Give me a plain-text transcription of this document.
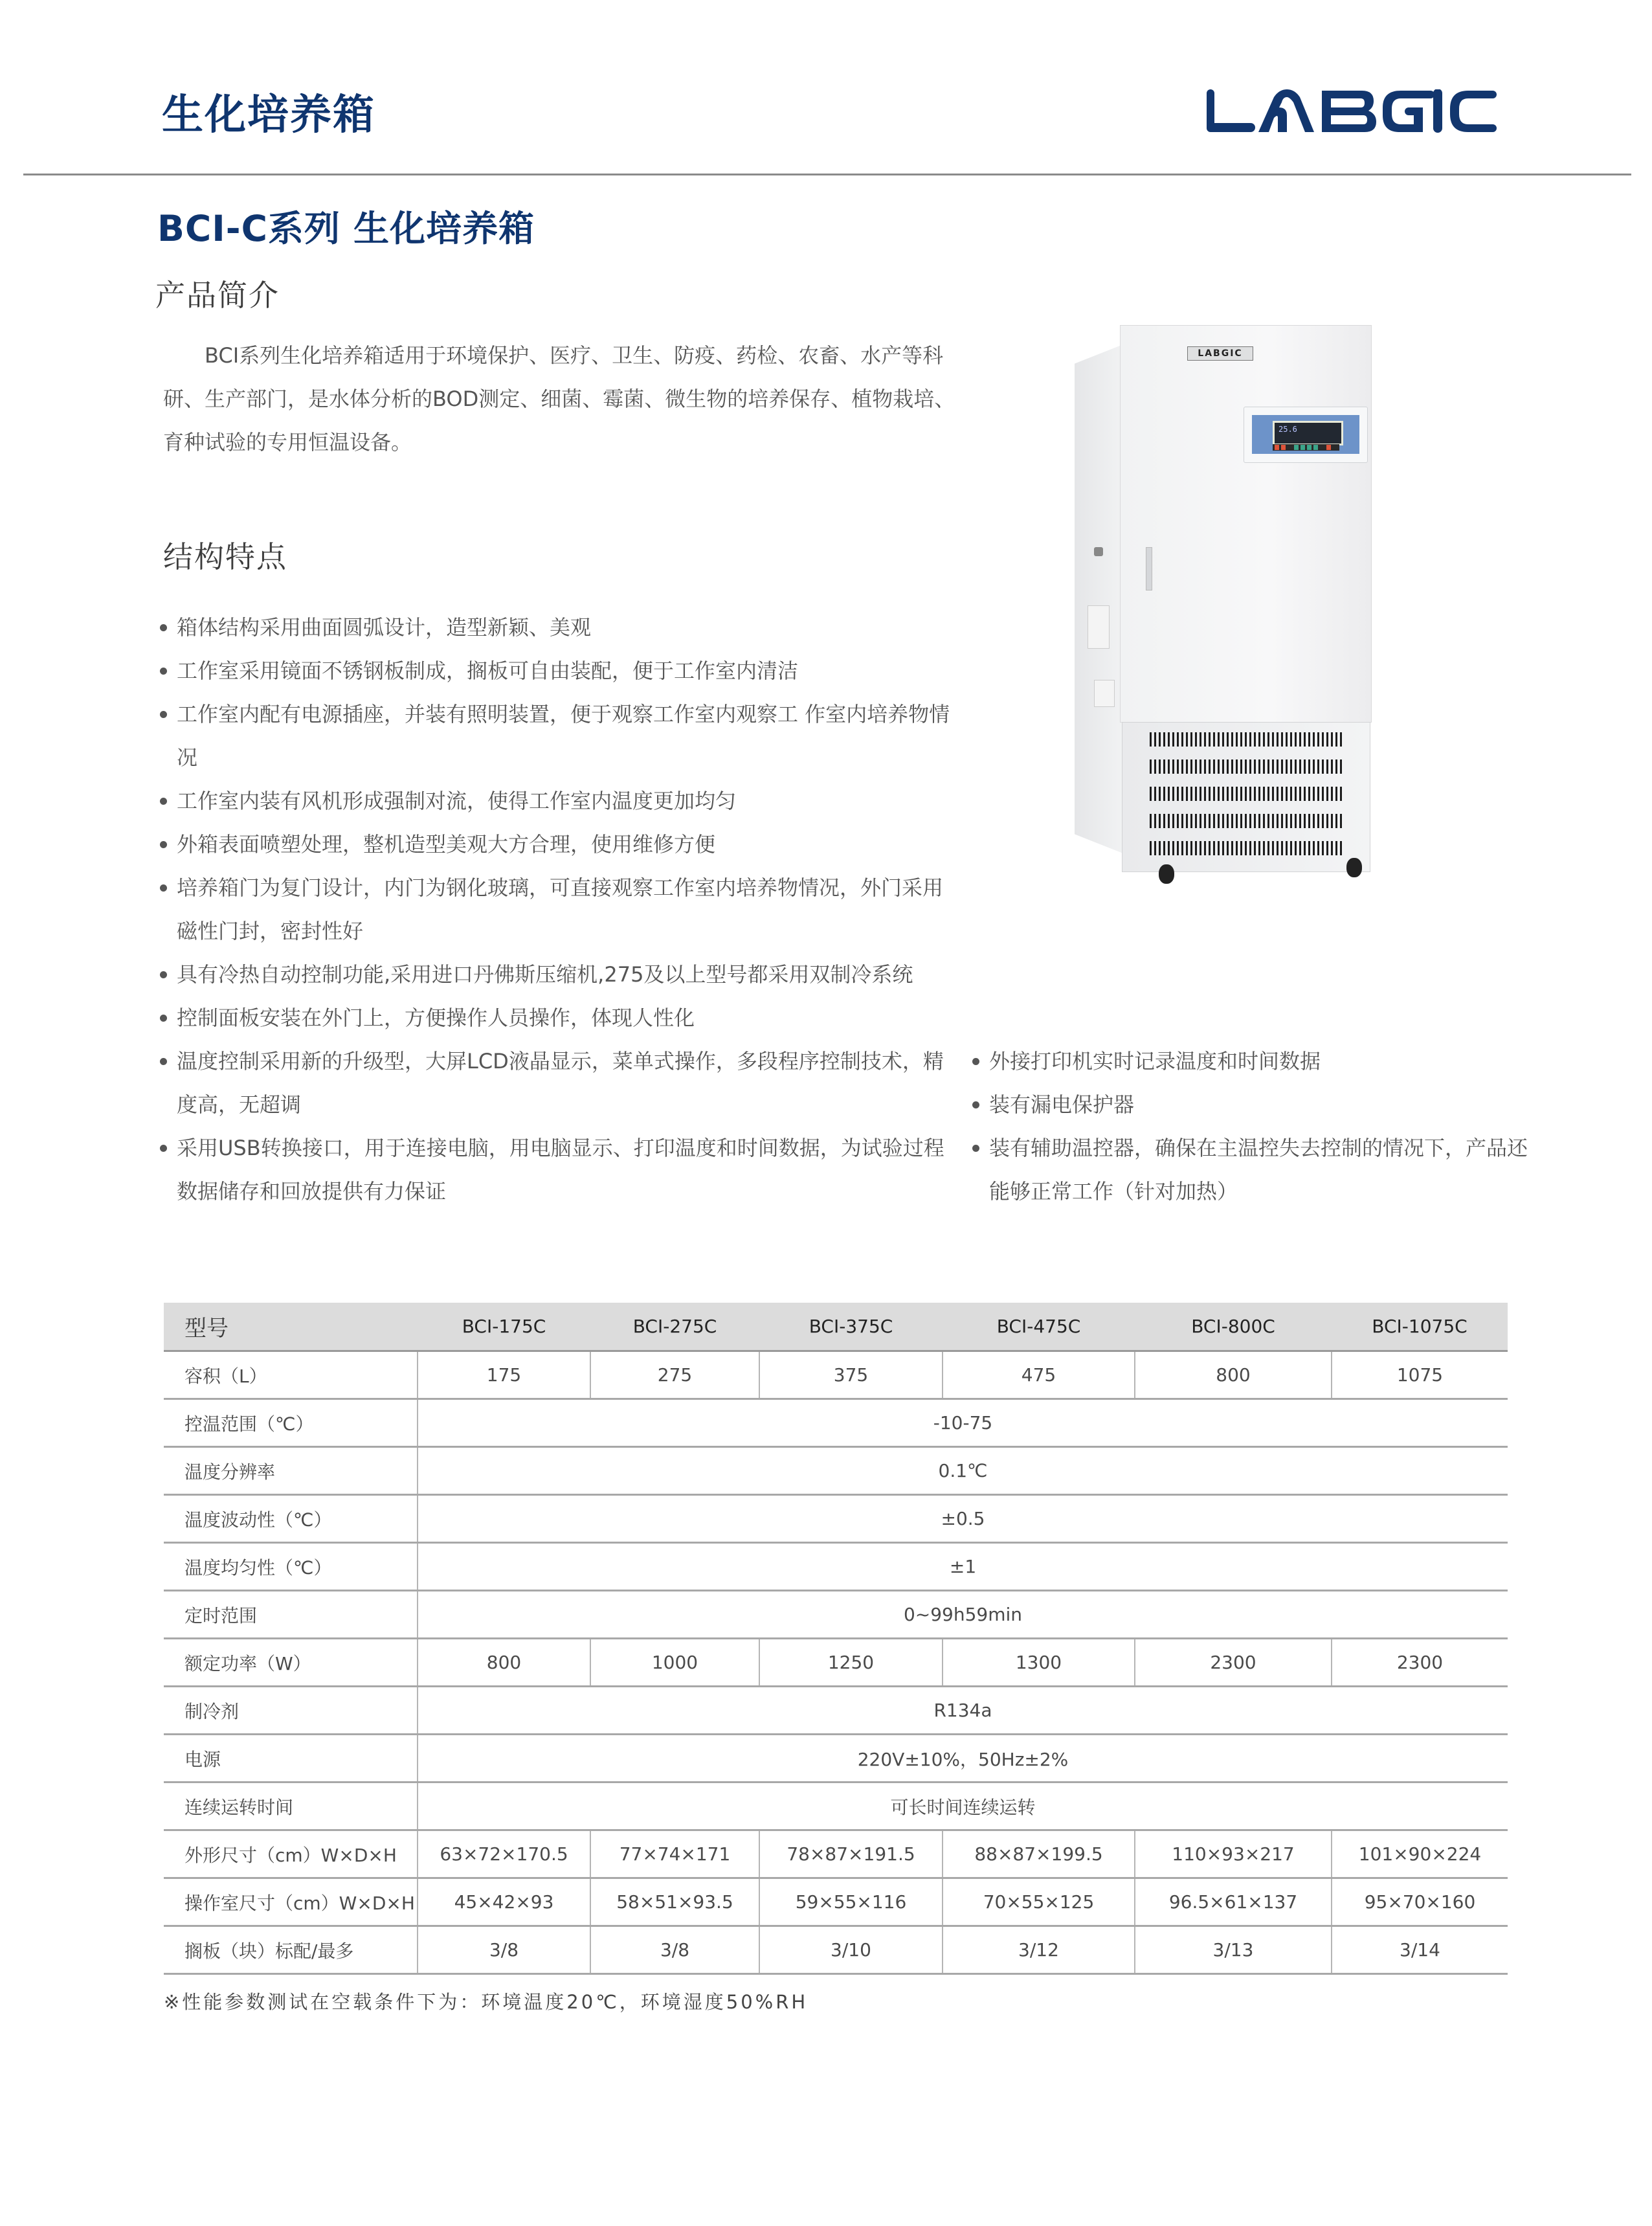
生化培养箱
BCI-C系列 生化培养箱
产品简介
BCI系列生化培养箱适用于环境保护、医疗、卫生、防疫、药检、农畜、水产等科研、生产部门，是水体分析的BOD测定、细菌、霉菌、微生物的培养保存、植物栽培、育种试验的专用恒温设备。
LABGIC
25.6
结构特点
箱体结构采用曲面圆弧设计，造型新颖、美观
工作室采用镜面不锈钢板制成，搁板可自由装配，便于工作室内清洁
工作室内配有电源插座，并装有照明装置，便于观察工作室内观察工 作室内培养物情况
工作室内装有风机形成强制对流，使得工作室内温度更加均匀
外箱表面喷塑处理，整机造型美观大方合理，使用维修方便
培养箱门为复门设计，内门为钢化玻璃，可直接观察工作室内培养物情况，外门采用磁性门封，密封性好
具有冷热自动控制功能,采用进口丹佛斯压缩机,275及以上型号都采用双制冷系统
控制面板安装在外门上，方便操作人员操作，体现人性化
温度控制采用新的升级型，大屏LCD液晶显示，菜单式操作，多段程序控制技术，精度高，无超调
采用USB转换接口，用于连接电脑，用电脑显示、打印温度和时间数据，为试验过程数据储存和回放提供有力保证
外接打印机实时记录温度和时间数据
装有漏电保护器
装有辅助温控器，确保在主温控失去控制的情况下，产品还能够正常工作（针对加热）
型号	BCI-175C	BCI-275C	BCI-375C	BCI-475C	BCI-800C	BCI-1075C
容积（L）	175	275	375	475	800	1075
控温范围（℃）	-10-75					
温度分辨率	0.1℃					
温度波动性（℃）	±0.5					
温度均匀性（℃）	±1					
定时范围	0~99h59min					
额定功率（W）	800	1000	1250	1300	2300	2300
制冷剂	R134a					
电源	220V±10%，50Hz±2%					
连续运转时间	可长时间连续运转					
外形尺寸（cm）W×D×H	63×72×170.5	77×74×171	78×87×191.5	88×87×199.5	110×93×217	101×90×224
操作室尺寸（cm）W×D×H	45×42×93	58×51×93.5	59×55×116	70×55×125	96.5×61×137	95×70×160
搁板（块）标配/最多	3/8	3/8	3/10	3/12	3/13	3/14
※性能参数测试在空载条件下为：环境温度20℃，环境湿度50%RH
